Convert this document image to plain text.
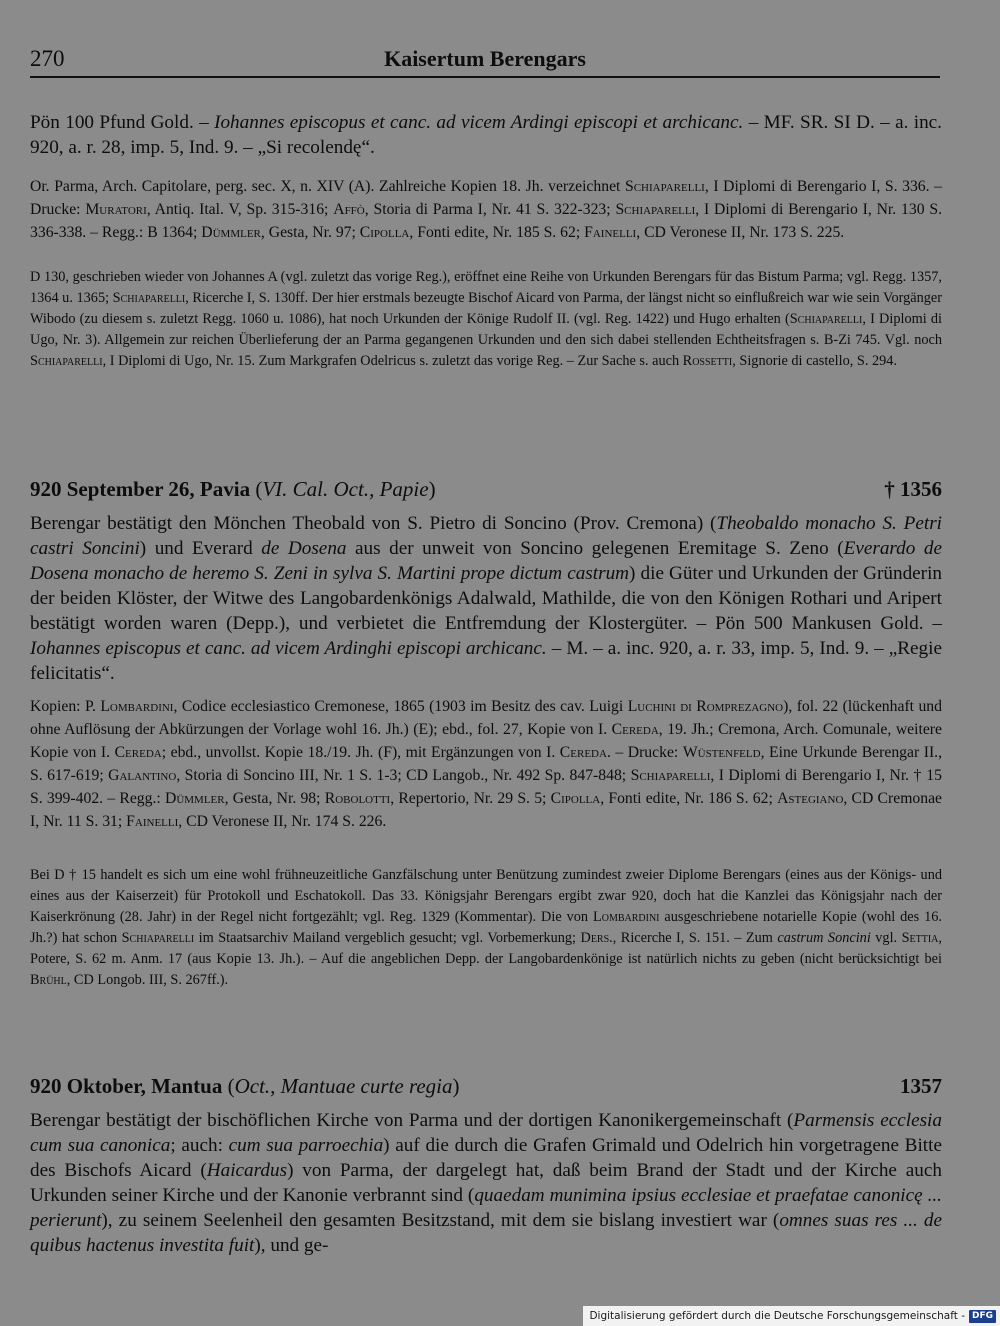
270	Kaisertum Berengars
Pön 100 Pfund Gold. – Iohannes episcopus et canc. ad vicem Ardingi episcopi et archicanc. – MF. SR. SI D. – a. inc. 920, a. r. 28, imp. 5, Ind. 9. – „Si recolendę“.
Or. Parma, Arch. Capitolare, perg. sec. X, n. XIV (A). Zahlreiche Kopien 18. Jh. verzeichnet Schiaparelli, I Diplomi di Berengario I, S. 336. – Drucke: Muratori, Antiq. Ital. V, Sp. 315-316; Affò, Storia di Parma I, Nr. 41 S. 322-323; Schiaparelli, I Diplomi di Berengario I, Nr. 130 S. 336-338. – Regg.: B 1364; Dümmler, Gesta, Nr. 97; Cipolla, Fonti edite, Nr. 185 S. 62; Fainelli, CD Veronese II, Nr. 173 S. 225.
D 130, geschrieben wieder von Johannes A (vgl. zuletzt das vorige Reg.), eröffnet eine Reihe von Urkunden Berengars für das Bistum Parma; vgl. Regg. 1357, 1364 u. 1365; Schiaparelli, Ricerche I, S. 130ff. Der hier erstmals bezeugte Bischof Aicard von Parma, der längst nicht so einflußreich war wie sein Vorgänger Wibodo (zu diesem s. zuletzt Regg. 1060 u. 1086), hat noch Urkunden der Könige Rudolf II. (vgl. Reg. 1422) und Hugo erhalten (Schiaparelli, I Diplomi di Ugo, Nr. 3). Allgemein zur reichen Überlieferung der an Parma gegangenen Urkunden und den sich dabei stellenden Echtheitsfragen s. B-Zi 745. Vgl. noch Schiaparelli, I Diplomi di Ugo, Nr. 15. Zum Markgrafen Odelricus s. zuletzt das vorige Reg. – Zur Sache s. auch Rossetti, Signorie di castello, S. 294.
920 September 26, Pavia (VI. Cal. Oct., Papie)	† 1356
Berengar bestätigt den Mönchen Theobald von S. Pietro di Soncino (Prov. Cremona) (Theobaldo monacho S. Petri castri Soncini) und Everard de Dosena aus der unweit von Soncino gelegenen Eremitage S. Zeno (Everardo de Dosena monacho de heremo S. Zeni in sylva S. Martini prope dictum castrum) die Güter und Urkunden der Gründerin der beiden Klöster, der Witwe des Langobardenkönigs Adalwald, Mathilde, die von den Königen Rothari und Aripert bestätigt worden waren (Depp.), und verbietet die Entfremdung der Klostergüter. – Pön 500 Mankusen Gold. – Iohannes episcopus et canc. ad vicem Ardinghi episcopi archicanc. – M. – a. inc. 920, a. r. 33, imp. 5, Ind. 9. – „Regie felicitatis“.
Kopien: P. Lombardini, Codice ecclesiastico Cremonese, 1865 (1903 im Besitz des cav. Luigi Luchini di Romprezagno), fol. 22 (lückenhaft und ohne Auflösung der Abkürzungen der Vorlage wohl 16. Jh.) (E); ebd., fol. 27, Kopie von I. Cereda, 19. Jh.; Cremona, Arch. Comunale, weitere Kopie von I. Cereda; ebd., unvollst. Kopie 18./19. Jh. (F), mit Ergänzungen von I. Cereda. – Drucke: Wüstenfeld, Eine Urkunde Berengar II., S. 617-619; Galantino, Storia di Soncino III, Nr. 1 S. 1-3; CD Langob., Nr. 492 Sp. 847-848; Schiaparelli, I Diplomi di Berengario I, Nr. † 15 S. 399-402. – Regg.: Dümmler, Gesta, Nr. 98; Robolotti, Repertorio, Nr. 29 S. 5; Cipolla, Fonti edite, Nr. 186 S. 62; Astegiano, CD Cremonae I, Nr. 11 S. 31; Fainelli, CD Veronese II, Nr. 174 S. 226.
Bei D † 15 handelt es sich um eine wohl frühneuzeitliche Ganzfälschung unter Benützung zumindest zweier Diplome Berengars (eines aus der Königs- und eines aus der Kaiserzeit) für Protokoll und Eschatokoll. Das 33. Königsjahr Berengars ergibt zwar 920, doch hat die Kanzlei das Königsjahr nach der Kaiserkrönung (28. Jahr) in der Regel nicht fortgezählt; vgl. Reg. 1329 (Kommentar). Die von Lombardini ausgeschriebene notarielle Kopie (wohl des 16. Jh.?) hat schon Schiaparelli im Staatsarchiv Mailand vergeblich gesucht; vgl. Vorbemerkung; Ders., Ricerche I, S. 151. – Zum castrum Soncini vgl. Settia, Potere, S. 62 m. Anm. 17 (aus Kopie 13. Jh.). – Auf die angeblichen Depp. der Langobardenkönige ist natürlich nichts zu geben (nicht berücksichtigt bei Brühl, CD Longob. III, S. 267ff.).
920 Oktober, Mantua (Oct., Mantuae curte regia)	1357
Berengar bestätigt der bischöflichen Kirche von Parma und der dortigen Kanonikergemeinschaft (Parmensis ecclesia cum sua canonica; auch: cum sua parroechia) auf die durch die Grafen Grimald und Odelrich hin vorgetragene Bitte des Bischofs Aicard (Haicardus) von Parma, der dargelegt hat, daß beim Brand der Stadt und der Kirche auch Urkunden seiner Kirche und der Kanonie verbrannt sind (quaedam munimina ipsius ecclesiae et praefatae canonicę ... perierunt), zu seinem Seelenheil den gesamten Besitzstand, mit dem sie bislang investiert war (omnes suas res ... de quibus hactenus investita fuit), und ge-
Digitalisierung gefördert durch die Deutsche Forschungsgemeinschaft - DFG
